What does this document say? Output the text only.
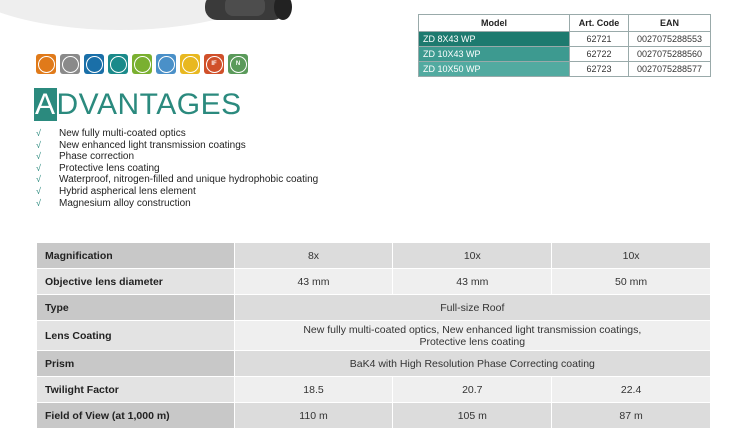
Model	Art. Code	EAN
ZD 8X43 WP	62721	0027075288553
ZD 10X43 WP	62722	0027075288560
ZD 10X50 WP	62723	0027075288577
IF	N
ADVANTAGES
√	New fully multi-coated optics
√	New enhanced light transmission coatings
√	Phase correction
√	Protective lens coating
√	Waterproof, nitrogen-filled and unique hydrophobic coating
√	Hybrid aspherical lens element
√	Magnesium alloy construction
Magnification	8x	10x	10x
Objective lens diameter	43 mm	43 mm	50 mm
Type	Full-size Roof		
Lens Coating	New fully multi-coated optics, New enhanced light transmission coatings, Protective lens coating		
Prism	BaK4 with High Resolution Phase Correcting coating		
Twilight Factor	18.5	20.7	22.4
Field of View (at 1,000 m)	110 m	105 m	87 m
